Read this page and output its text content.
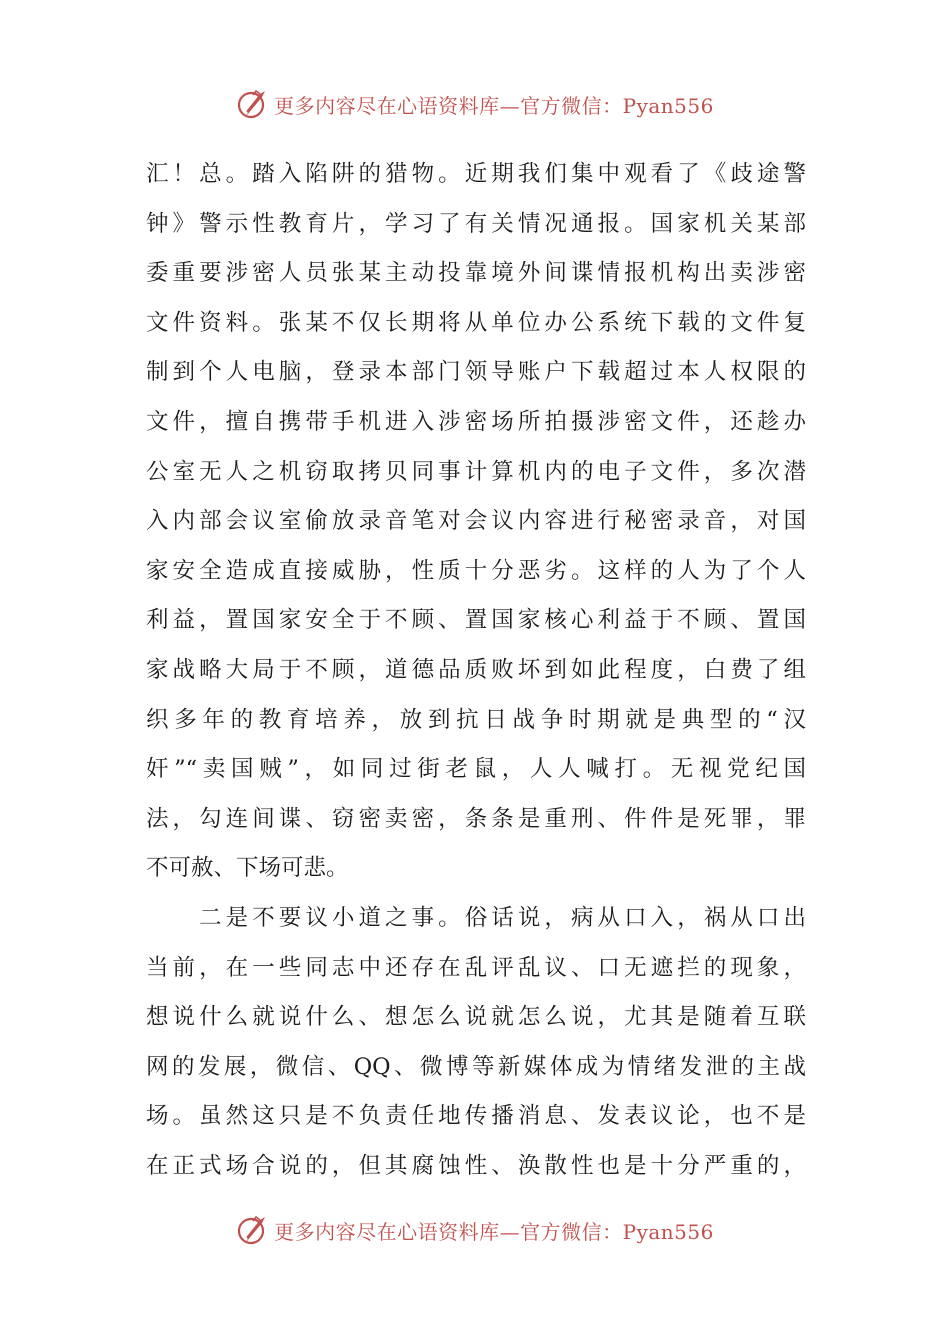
更多内容尽在心语资料库—官方微信：Pyan556
汇！总。踏入陷阱的猎物。近期我们集中观看了《歧途警
钟》警示性教育片，学习了有关情况通报。国家机关某部
委重要涉密人员张某主动投靠境外间谍情报机构出卖涉密
文件资料。张某不仅长期将从单位办公系统下载的文件复
制到个人电脑，登录本部门领导账户下载超过本人权限的
文件，擅自携带手机进入涉密场所拍摄涉密文件，还趁办
公室无人之机窃取拷贝同事计算机内的电子文件，多次潜
入内部会议室偷放录音笔对会议内容进行秘密录音，对国
家安全造成直接威胁，性质十分恶劣。这样的人为了个人
利益，置国家安全于不顾、置国家核心利益于不顾、置国
家战略大局于不顾，道德品质败坏到如此程度，白费了组
织多年的教育培养，放到抗日战争时期就是典型的“汉
奸”“卖国贼”，如同过街老鼠，人人喊打。无视党纪国
法，勾连间谍、窃密卖密，条条是重刑、件件是死罪，罪
不可赦、下场可悲。
　　二是不要议小道之事。俗话说，病从口入，祸从口出
当前，在一些同志中还存在乱评乱议、口无遮拦的现象，
想说什么就说什么、想怎么说就怎么说，尤其是随着互联
网的发展，微信、QQ、微博等新媒体成为情绪发泄的主战
场。虽然这只是不负责任地传播消息、发表议论，也不是
在正式场合说的，但其腐蚀性、涣散性也是十分严重的，
更多内容尽在心语资料库—官方微信：Pyan556
